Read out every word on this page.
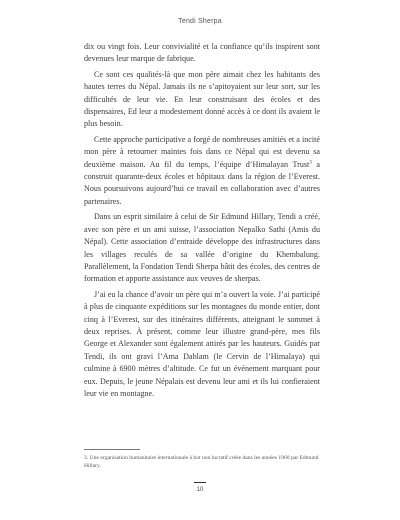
Tendi Sherpa

dix ou vingt fois. Leur convivialité et la confiance qu’ils inspirent sont devenues leur marque de fabrique.

Ce sont ces qualités-là que mon père aimait chez les habitants des hautes terres du Népal. Jamais ils ne s’apitoyaient sur leur sort, sur les difficultés de leur vie. En leur construisant des écoles et des dispensaires, Ed leur a modestement donné accès à ce dont ils avaient le plus besoin.

Cette approche participative a forgé de nombreuses amitiés et a incité mon père à retourner maintes fois dans ce Népal qui est devenu sa deuxième maison. Au fil du temps, l’équipe d’Himalayan Trust$^3$ a construit quarante-deux écoles et hôpitaux dans la région de l’Everest. Nous poursuivons aujourd’hui ce travail en collaboration avec d’autres partenaires.

Dans un esprit similaire à celui de Sir Edmund Hillary, Tendi a créé, avec son père et un ami suisse, l’association Nepalko Sathi (Amis du Népal). Cette association d’entraide développe des infrastructures dans les villages reculés de sa vallée d’origine du Khembalung. Parallèlement, la Fondation Tendi Sherpa bâtit des écoles, des centres de formation et apporte assistance aux veuves de sherpas.

J’ai eu la chance d’avoir un père qui m’a ouvert la voie. J’ai participé à plus de cinquante expéditions sur les montagnes du monde entier, dont cinq à l’Everest, sur des itinéraires différents, atteignant le sommet à deux reprises. À présent, comme leur illustre grand-père, mes fils George et Alexander sont également attirés par les hauteurs. Guidés par Tendi, ils ont gravi l’Ama Dablam (le Cervin de l’Himalaya) qui culmine à 6900 mètres d’altitude. Ce fut un événement marquant pour eux. Depuis, le jeune Népalais est devenu leur ami et ils lui confieraient leur vie en montagne.

3. Une organisation humanitaire internationale à but non lucratif créée dans les années 1960 par Edmund Hillary.
10
